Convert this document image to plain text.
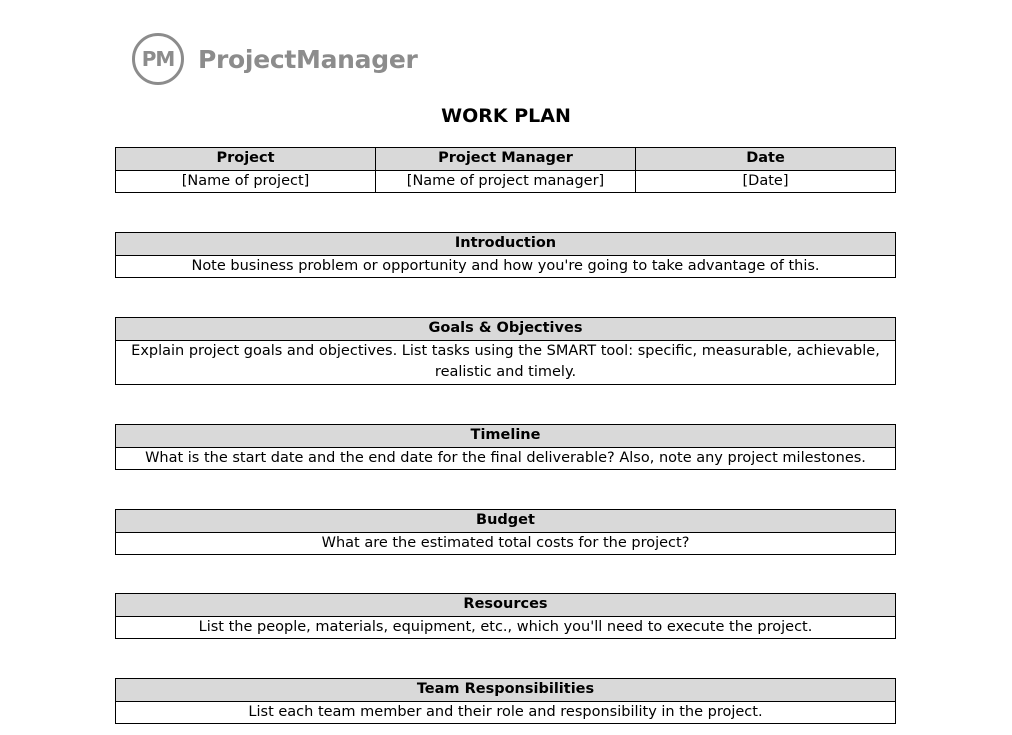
PM ProjectManager
WORK PLAN
Project	Project Manager	Date
[Name of project]	[Name of project manager]	[Date]
Introduction
Note business problem or opportunity and how you're going to take advantage of this.
Goals & Objectives
Explain project goals and objectives. List tasks using the SMART tool: specific, measurable, achievable, realistic and timely.
Timeline
What is the start date and the end date for the final deliverable? Also, note any project milestones.
Budget
What are the estimated total costs for the project?
Resources
List the people, materials, equipment, etc., which you'll need to execute the project.
Team Responsibilities
List each team member and their role and responsibility in the project.
